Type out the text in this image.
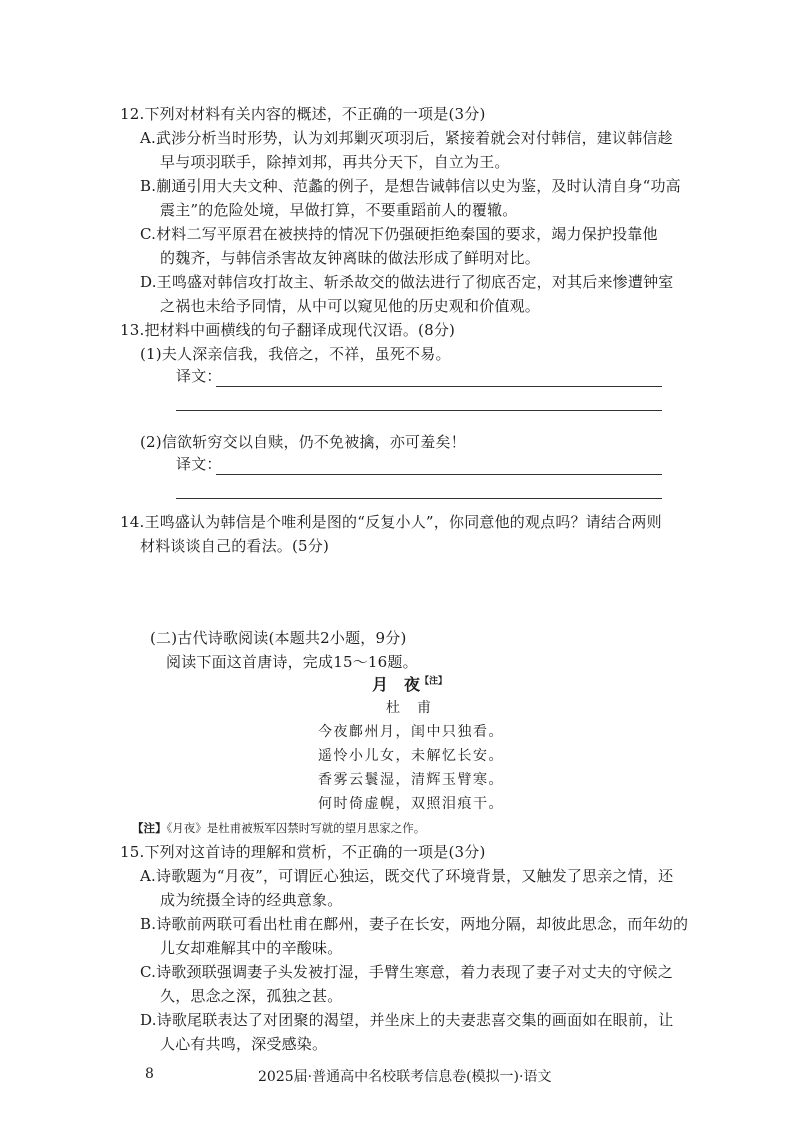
12.下列对材料有关内容的概述，不正确的一项是(3分)
A.武涉分析当时形势，认为刘邦剿灭项羽后，紧接着就会对付韩信，建议韩信趁
早与项羽联手，除掉刘邦，再共分天下，自立为王。
B.蒯通引用大夫文种、范蠡的例子，是想告诫韩信以史为鉴，及时认清自身“功高
震主”的危险处境，早做打算，不要重蹈前人的覆辙。
C.材料二写平原君在被挟持的情况下仍强硬拒绝秦国的要求，竭力保护投靠他
的魏齐，与韩信杀害故友钟离昧的做法形成了鲜明对比。
D.王鸣盛对韩信攻打故主、斩杀故交的做法进行了彻底否定，对其后来惨遭钟室
之祸也未给予同情，从中可以窥见他的历史观和价值观。
13.把材料中画横线的句子翻译成现代汉语。(8分)
(1)夫人深亲信我，我倍之，不祥，虽死不易。
译文：
(2)信欲斩穷交以自赎，仍不免被擒，亦可羞矣！
译文：
14.王鸣盛认为韩信是个唯利是图的“反复小人”，你同意他的观点吗？请结合两则
材料谈谈自己的看法。(5分)
(二)古代诗歌阅读(本题共2小题，9分)
阅读下面这首唐诗，完成15～16题。
月　夜$^{【注】}$
杜　甫
今夜鄜州月，闺中只独看。
遥怜小儿女，未解忆长安。
香雾云鬟湿，清辉玉臂寒。
何时倚虚幌，双照泪痕干。
【注】《月夜》是杜甫被叛军囚禁时写就的望月思家之作。
15.下列对这首诗的理解和赏析，不正确的一项是(3分)
A.诗歌题为“月夜”，可谓匠心独运，既交代了环境背景，又触发了思亲之情，还
成为统摄全诗的经典意象。
B.诗歌前两联可看出杜甫在鄜州，妻子在长安，两地分隔，却彼此思念，而年幼的
儿女却难解其中的辛酸味。
C.诗歌颈联强调妻子头发被打湿，手臂生寒意，着力表现了妻子对丈夫的守候之
久，思念之深，孤独之甚。
D.诗歌尾联表达了对团聚的渴望，并坐床上的夫妻悲喜交集的画面如在眼前，让
人心有共鸣，深受感染。
8	2025届·普通高中名校联考信息卷(模拟一)·语文
